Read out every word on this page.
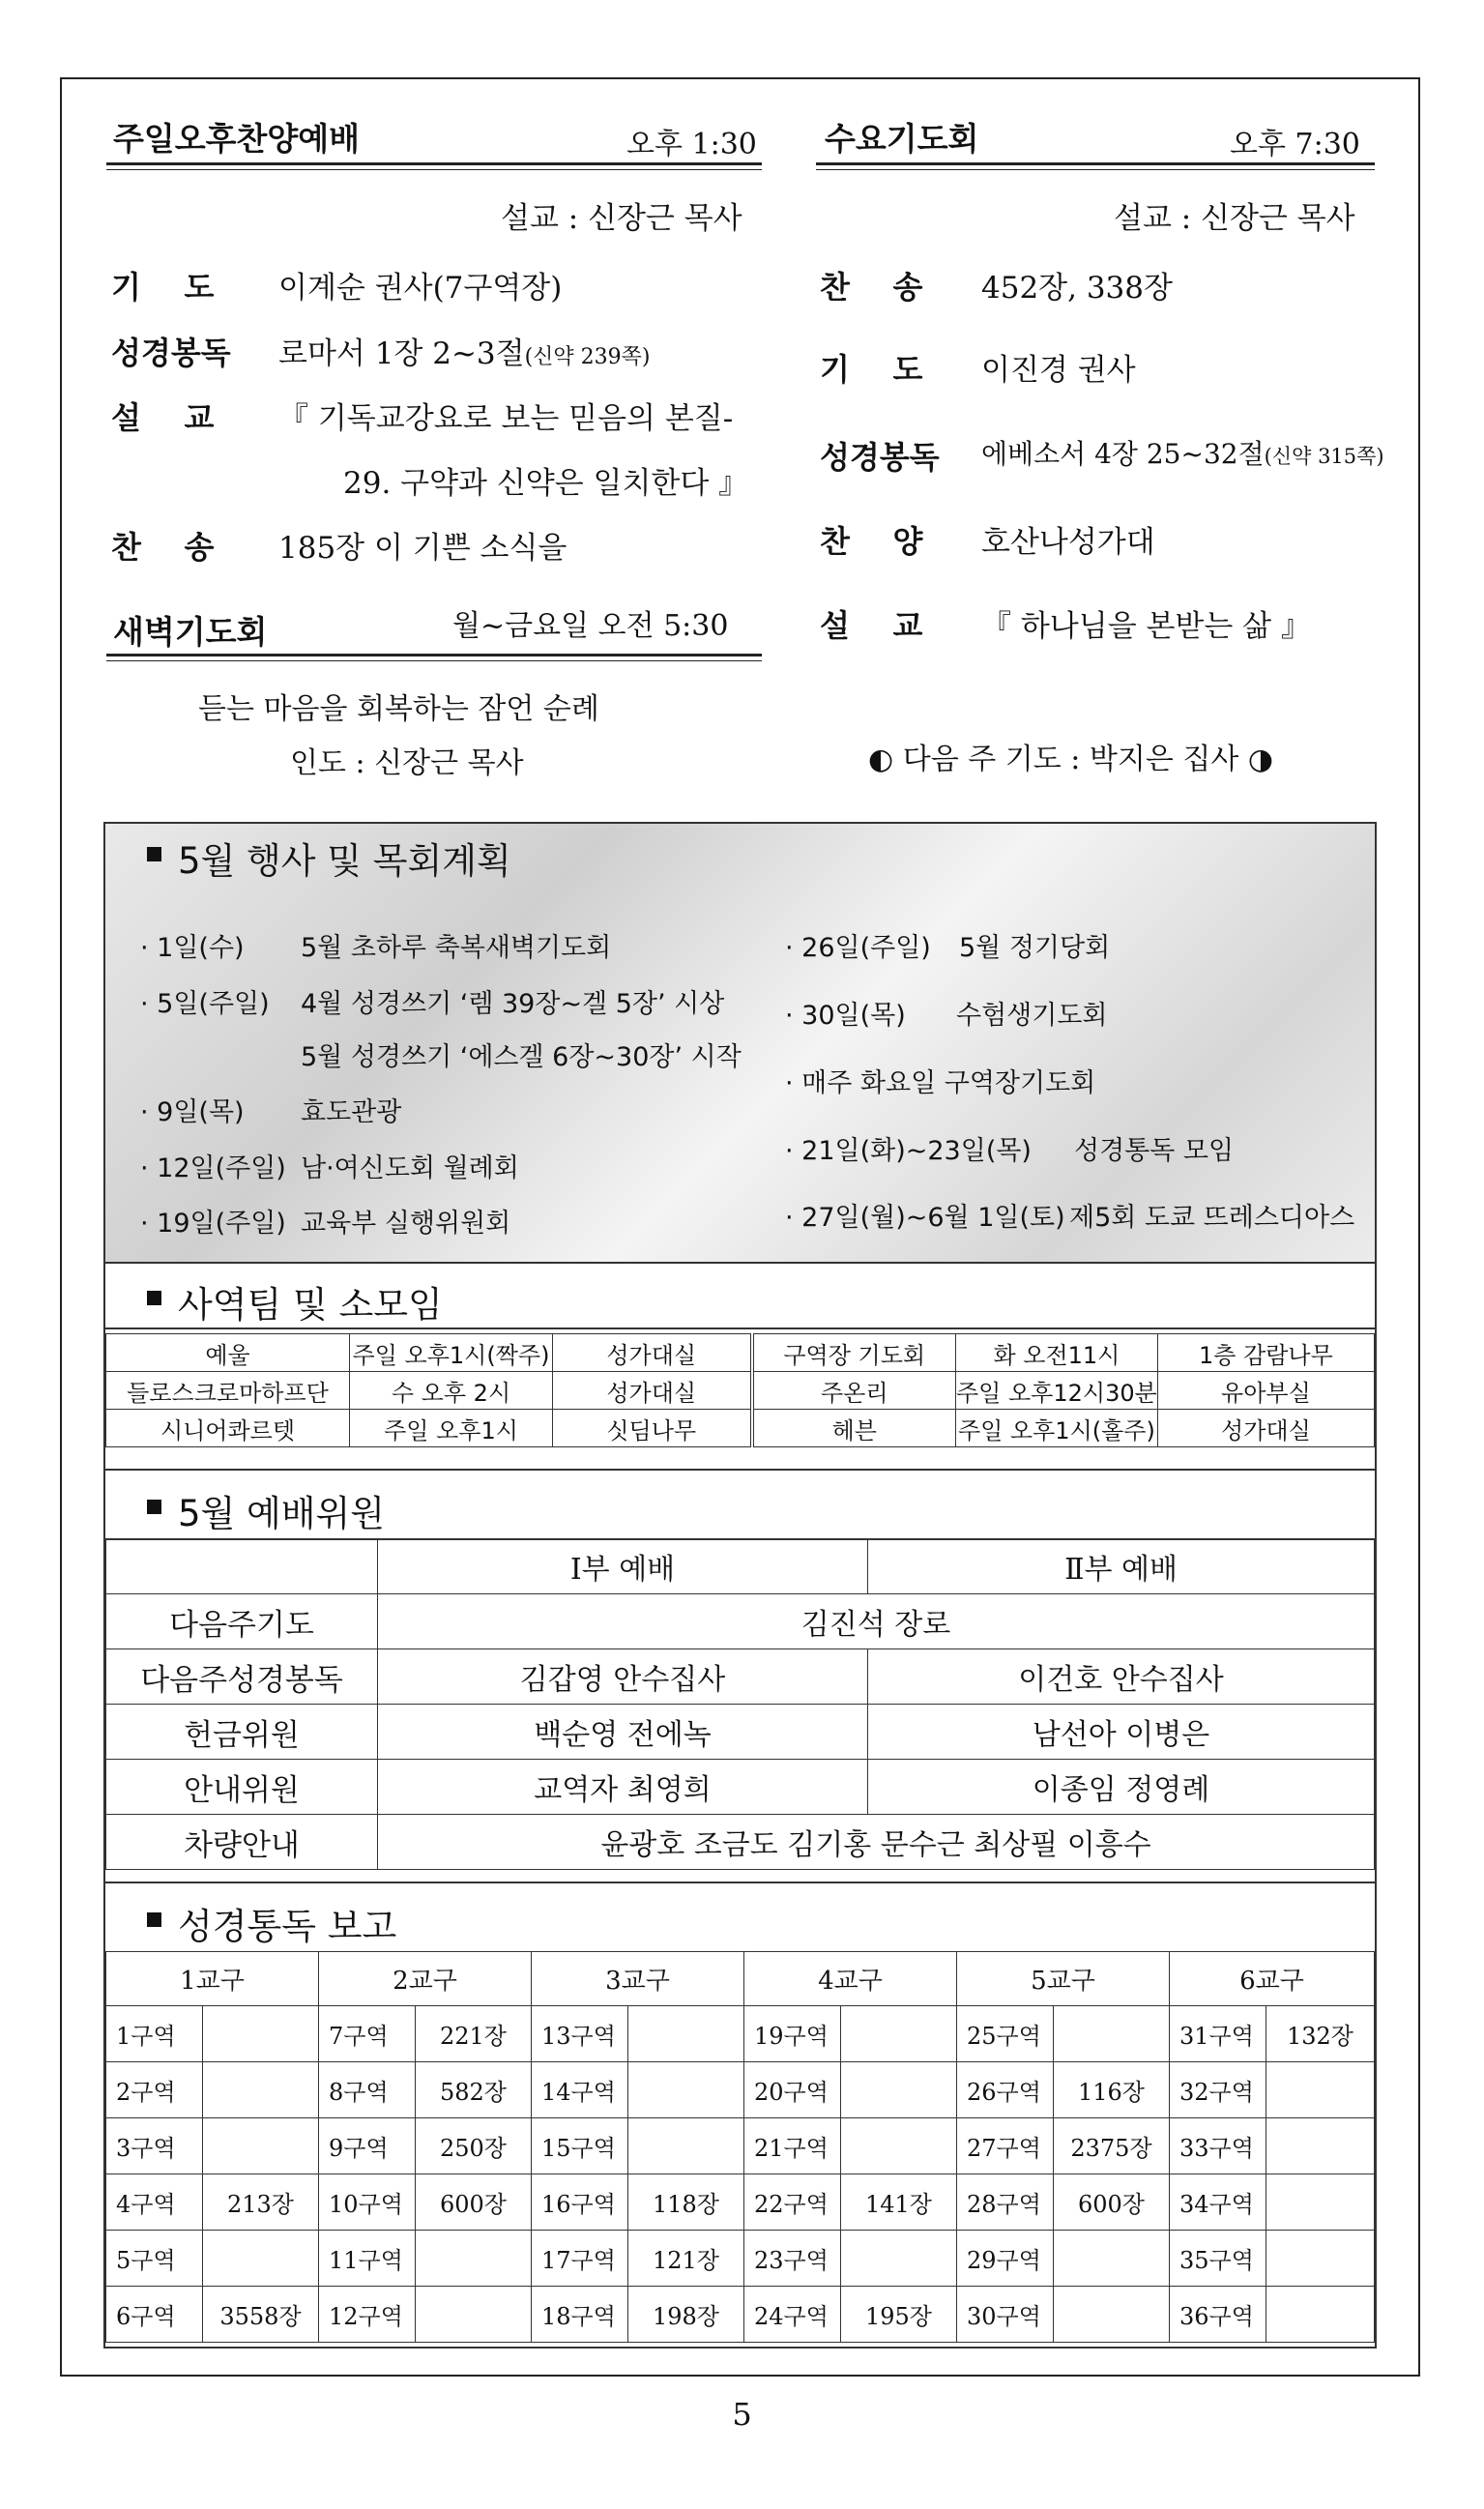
주일오후찬양예배	오후 1:30
설교 : 신장근 목사
기    도 이계순 권사(7구역장)
성경봉독 로마서 1장 2~3절(신약 239쪽)
설    교 『 기독교강요로 보는 믿음의 본질-
29. 구약과 신약은 일치한다 』
찬    송 185장 이 기쁜 소식을
새벽기도회	월~금요일 오전 5:30
듣는 마음을 회복하는 잠언 순례
인도 : 신장근 목사
수요기도회	오후 7:30
설교 : 신장근 목사
찬    송 452장, 338장
기    도 이진경 권사
성경봉독 에베소서 4장 25~32절(신약 315쪽)
찬    양 호산나성가대
설    교 『 하나님을 본받는 삶 』
◐ 다음 주 기도 : 박지은 집사 ◑
5월 행사 및 목회계획
· 1일(수) 5월 초하루 축복새벽기도회
· 5일(주일) 4월 성경쓰기 ‘렘 39장~겔 5장’ 시상
5월 성경쓰기 ‘에스겔 6장~30장’ 시작
· 9일(목) 효도관광
· 12일(주일) 남·여신도회 월례회
· 19일(주일) 교육부 실행위원회
· 26일(주일) 5월 정기당회
· 30일(목) 수험생기도회
· 매주 화요일 구역장기도회
· 21일(화)~23일(목) 성경통독 모임
· 27일(월)~6월 1일(토) 제5회 도쿄 뜨레스디아스
사역팀 및 소모임
예울	주일 오후1시(짝주)	성가대실	구역장 기도회	화 오전11시	1층 감람나무
들로스크로마하프단	수 오후 2시	성가대실	주온리	주일 오후12시30분	유아부실
시니어콰르텟	주일 오후1시	싯딤나무	헤븐	주일 오후1시(홀주)	성가대실
5월 예배위원
	Ⅰ부 예배	Ⅱ부 예배
다음주기도	김진석 장로	
다음주성경봉독	김갑영 안수집사	이건호 안수집사
헌금위원	백순영 전에녹	남선아 이병은
안내위원	교역자 최영희	이종임 정영례
차량안내	윤광호 조금도 김기홍 문수근 최상필 이흥수	
성경통독 보고
1교구		2교구		3교구		4교구		5교구		6교구	
1구역		7구역	221장	13구역		19구역		25구역		31구역	132장
2구역		8구역	582장	14구역		20구역		26구역	116장	32구역	
3구역		9구역	250장	15구역		21구역		27구역	2375장	33구역	
4구역	213장	10구역	600장	16구역	118장	22구역	141장	28구역	600장	34구역	
5구역		11구역		17구역	121장	23구역		29구역		35구역	
6구역	3558장	12구역		18구역	198장	24구역	195장	30구역		36구역	
5
